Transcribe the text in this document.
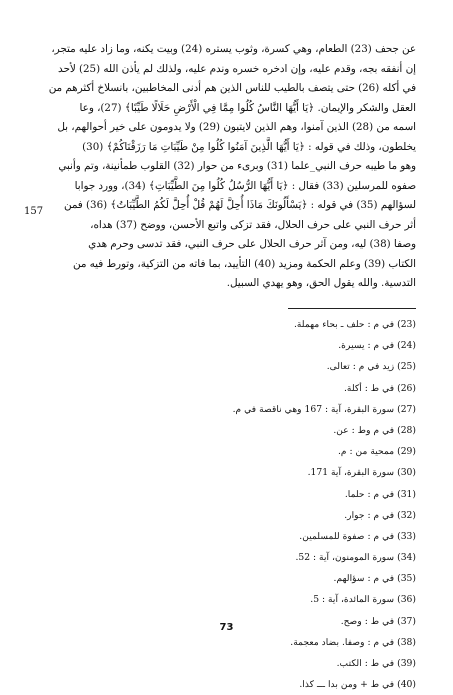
عن جحف (23) الطعام، وهي كسرة، وثوب يستره (24) وبيت يكنه، وما زاد عليه متجر،

إن أنفقه بجه، وقدم عليه، وإن ادخره خسره وندم عليه، ولذلك لم يأذن الله (25) لأحد

في أكله (26) حتى يتصف بالطيب للناس الذين هم أدنى المخاطبين، بانسلاخ أكثرهم من

العقل والشكر والإيمان. ﴿يَا أَيُّهَا النَّاسُ كُلُوا مِمَّا فِي الْأَرْضِ حَلَالًا طَيِّبًا﴾ (27)، وعا

اسمه من (28) الذين آمنوا، وهم الذين لايتبون (29) ولا يدومون على خير أحوالهم، بل

يخلطون، وذلك في قوله : ﴿يَا أَيُّهَا الَّذِينَ آمَنُوا كُلُوا مِنْ طَيِّبَاتِ مَا رَزَقْنَاكُمْ﴾ (30)

وهو ما طيبه حرف النبي_علما (31) وبرىء من حوار (32) القلوب طمأنينة، وتم وأنبي

صفوه للمرسلين (33) فقال : ﴿يَا أَيُّهَا الرُّسُلُ كُلُوا مِنَ الطَّيِّبَاتِ﴾ (34)، وورد جوابا

لسؤالهم (35) في قوله : ﴿يَسْأَلُونَكَ مَاذَا أُحِلَّ لَهُمْ قُلْ أُحِلَّ لَكُمُ الطَّيِّبَاتُ﴾ (36) فمن

أثر حرف النبي على حرف الحلال، فقد تزكى واتبع الأحسن، ووضح (37) هداه،

وصفا (38) ليه، ومن آثر حرف الحلال على حرف النبي، فقد تدسى وحرم هدي

الكتاب (39) وعلم الحكمة ومزيد (40) التأييد، بما فاته من التزكية، وتورط فيه من

التدسية. والله يقول الحق، وهو يهدي السبيل.

157
(23) في م : حلف ـ بحاء مهملة.
(24) في م : يسيرة.
(25) زيد في م : تعالى.
(26) في ط : أكلة.
(27) سورة البقرة، آية : 167 وهي ناقصة في م.
(28) في م وط : عن.
(29) ممحية من : م.
(30) سورة البقرة، آية 171.
(31) في م : حلما.
(32) في م : جوار.
(33) في م : صفوة للمسلمين.
(34) سورة المومنون، آية : 52.
(35) في م : سؤالهم.
(36) سورة المائدة، آية : 5.
(37) في ط : وصح.
(38) في م : وصفا. بضاد معجمة.
(39) في ط : الكتب.
(40) في ط + ومن بدا ـــ كذا.
73
